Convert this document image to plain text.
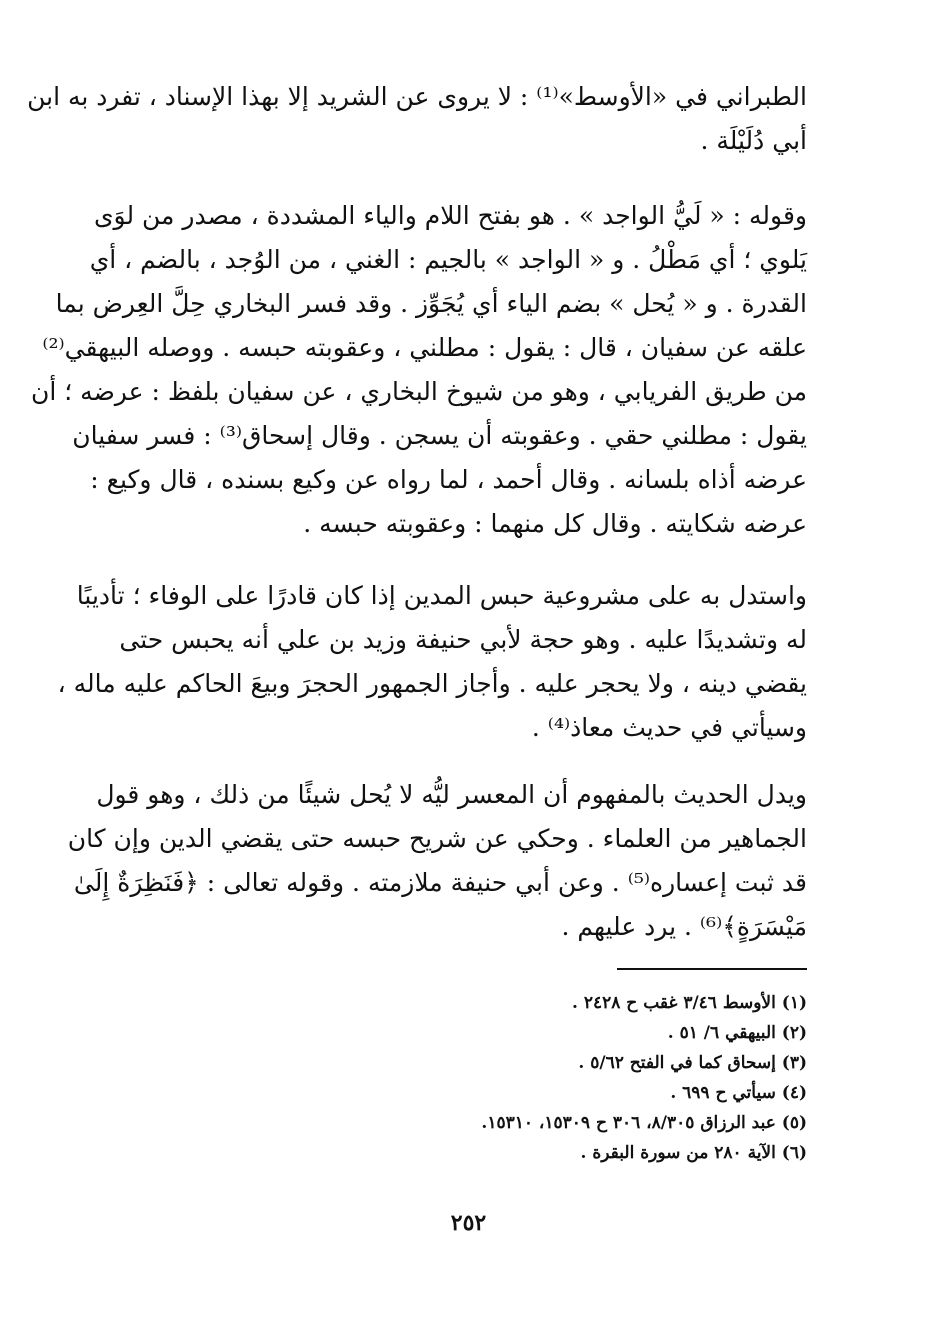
الطبراني في «الأوسط»⁽¹⁾ : لا يروى عن الشريد إلا بهذا الإسناد ، تفرد به ابن
أبي دُلَيْلَة .
وقوله : « لَيُّ الواجد » . هو بفتح اللام والياء المشددة ، مصدر من لوَى
يَلوي ؛ أي مَطْلُ . و « الواجد » بالجيم : الغني ، من الوُجد ، بالضم ، أي
القدرة . و « يُحل » بضم الياء أي يُجَوِّز . وقد فسر البخاري حِلَّ العِرض بما
علقه عن سفيان ، قال : يقول : مطلني ، وعقوبته حبسه . ووصله البيهقي⁽²⁾
من طريق الفريابي ، وهو من شيوخ البخاري ، عن سفيان بلفظ : عرضه ؛ أن
يقول : مطلني حقي . وعقوبته أن يسجن . وقال إسحاق⁽³⁾ : فسر سفيان
عرضه أذاه بلسانه . وقال أحمد ، لما رواه عن وكيع بسنده ، قال وكيع :
عرضه شكايته . وقال كل منهما : وعقوبته حبسه .
واستدل به على مشروعية حبس المدين إذا كان قادرًا على الوفاء ؛ تأديبًا
له وتشديدًا عليه . وهو حجة لأبي حنيفة وزيد بن علي أنه يحبس حتى
يقضي دينه ، ولا يحجر عليه . وأجاز الجمهور الحجرَ وبيعَ الحاكم عليه ماله ،
وسيأتي في حديث معاذ⁽⁴⁾ .
ويدل الحديث بالمفهوم أن المعسر ليُّه لا يُحل شيئًا من ذلك ، وهو قول
الجماهير من العلماء . وحكي عن شريح حبسه حتى يقضي الدين وإن كان
قد ثبت إعساره⁽⁵⁾ . وعن أبي حنيفة ملازمته . وقوله تعالى : ﴿فَنَظِرَةٌ إِلَىٰ
مَيْسَرَةٍ﴾⁽⁶⁾ . يرد عليهم .
(١) الأوسط ٣/٤٦ غقب ح ٢٤٢٨ .
(٢) البيهقي ٦/ ٥١ .
(٣) إسحاق كما في الفتح ٥/٦٢ .
(٤) سيأتي ح ٦٩٩ .
(٥) عبد الرزاق ٨/٣٠٥، ٣٠٦ ح ١٥٣٠٩، ١٥٣١٠.
(٦) الآية ٢٨٠ من سورة البقرة .
٢٥٢
